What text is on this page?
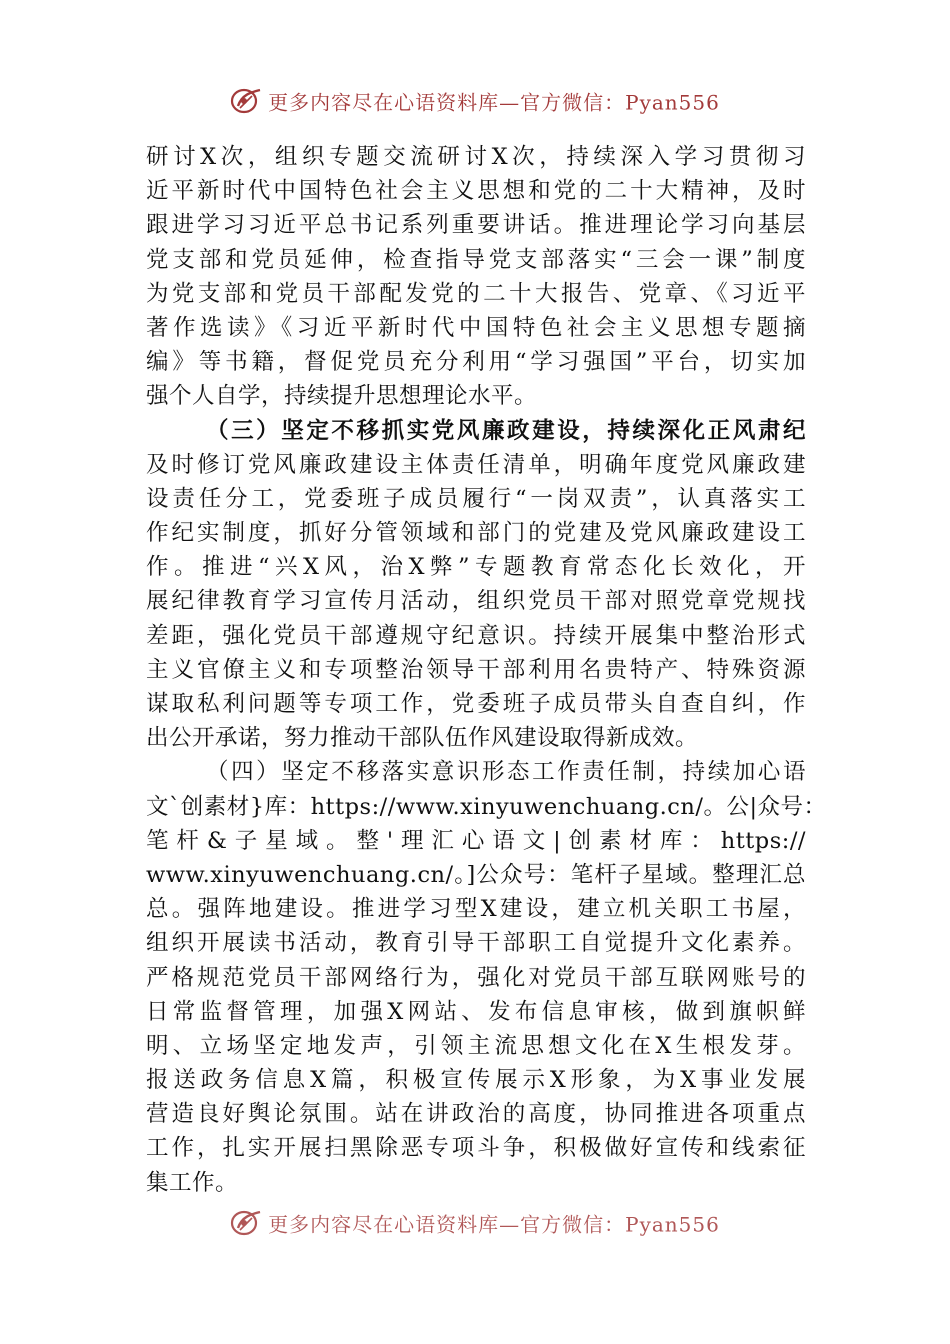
更多内容尽在心语资料库—官方微信：Pyan556
研讨X次，组织专题交流研讨X次，持续深入学习贯彻习
近平新时代中国特色社会主义思想和党的二十大精神，及时
跟进学习习近平总书记系列重要讲话。推进理论学习向基层
党支部和党员延伸，检查指导党支部落实“三会一课”制度
为党支部和党员干部配发党的二十大报告、党章、《习近平
著作选读》《习近平新时代中国特色社会主义思想专题摘
编》等书籍，督促党员充分利用“学习强国”平台，切实加
强个人自学，持续提升思想理论水平。
（三）坚定不移抓实党风廉政建设，持续深化正风肃纪
及时修订党风廉政建设主体责任清单，明确年度党风廉政建
设责任分工，党委班子成员履行“一岗双责”，认真落实工
作纪实制度，抓好分管领域和部门的党建及党风廉政建设工
作。推进“兴X风，治X弊”专题教育常态化长效化，开
展纪律教育学习宣传月活动，组织党员干部对照党章党规找
差距，强化党员干部遵规守纪意识。持续开展集中整治形式
主义官僚主义和专项整治领导干部利用名贵特产、特殊资源
谋取私利问题等专项工作，党委班子成员带头自查自纠，作
出公开承诺，努力推动干部队伍作风建设取得新成效。
（四）坚定不移落实意识形态工作责任制，持续加心语
文`创素材}库：https://www.xinyuwenchuang.cn/。公|众号：
笔杆&子星域。整'理汇心语文|创素材库：https://
www.xinyuwenchuang.cn/。]公众号：笔杆子星域。整理汇总
总。强阵地建设。推进学习型X建设，建立机关职工书屋，
组织开展读书活动，教育引导干部职工自觉提升文化素养。
严格规范党员干部网络行为，强化对党员干部互联网账号的
日常监督管理，加强X网站、发布信息审核，做到旗帜鲜
明、立场坚定地发声，引领主流思想文化在X生根发芽。
报送政务信息X篇，积极宣传展示X形象，为X事业发展
营造良好舆论氛围。站在讲政治的高度，协同推进各项重点
工作，扎实开展扫黑除恶专项斗争，积极做好宣传和线索征
集工作。
更多内容尽在心语资料库—官方微信：Pyan556
